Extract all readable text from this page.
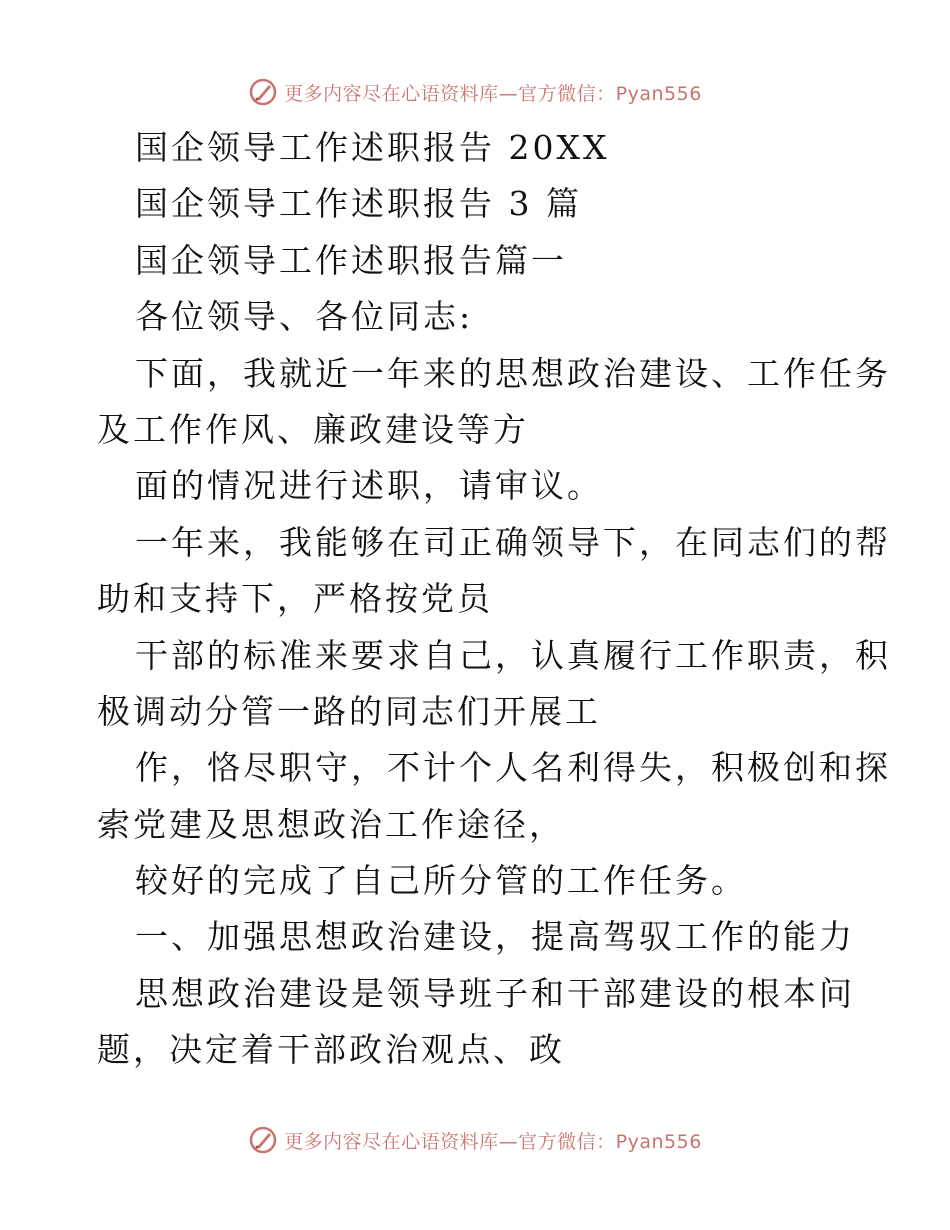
更多内容尽在心语资料库—官方微信：Pyan556
国企领导工作述职报告 20XX
国企领导工作述职报告 3 篇
国企领导工作述职报告篇一
各位领导、各位同志:
下面，我就近一年来的思想政治建设、工作任务
及工作作风、廉政建设等方
面的情况进行述职，请审议。
一年来，我能够在司正确领导下，在同志们的帮
助和支持下，严格按党员
干部的标准来要求自己，认真履行工作职责，积
极调动分管一路的同志们开展工
作，恪尽职守，不计个人名利得失，积极创和探
索党建及思想政治工作途径，
较好的完成了自己所分管的工作任务。
一、加强思想政治建设，提高驾驭工作的能力
思想政治建设是领导班子和干部建设的根本问
题，决定着干部政治观点、政
更多内容尽在心语资料库—官方微信：Pyan556
